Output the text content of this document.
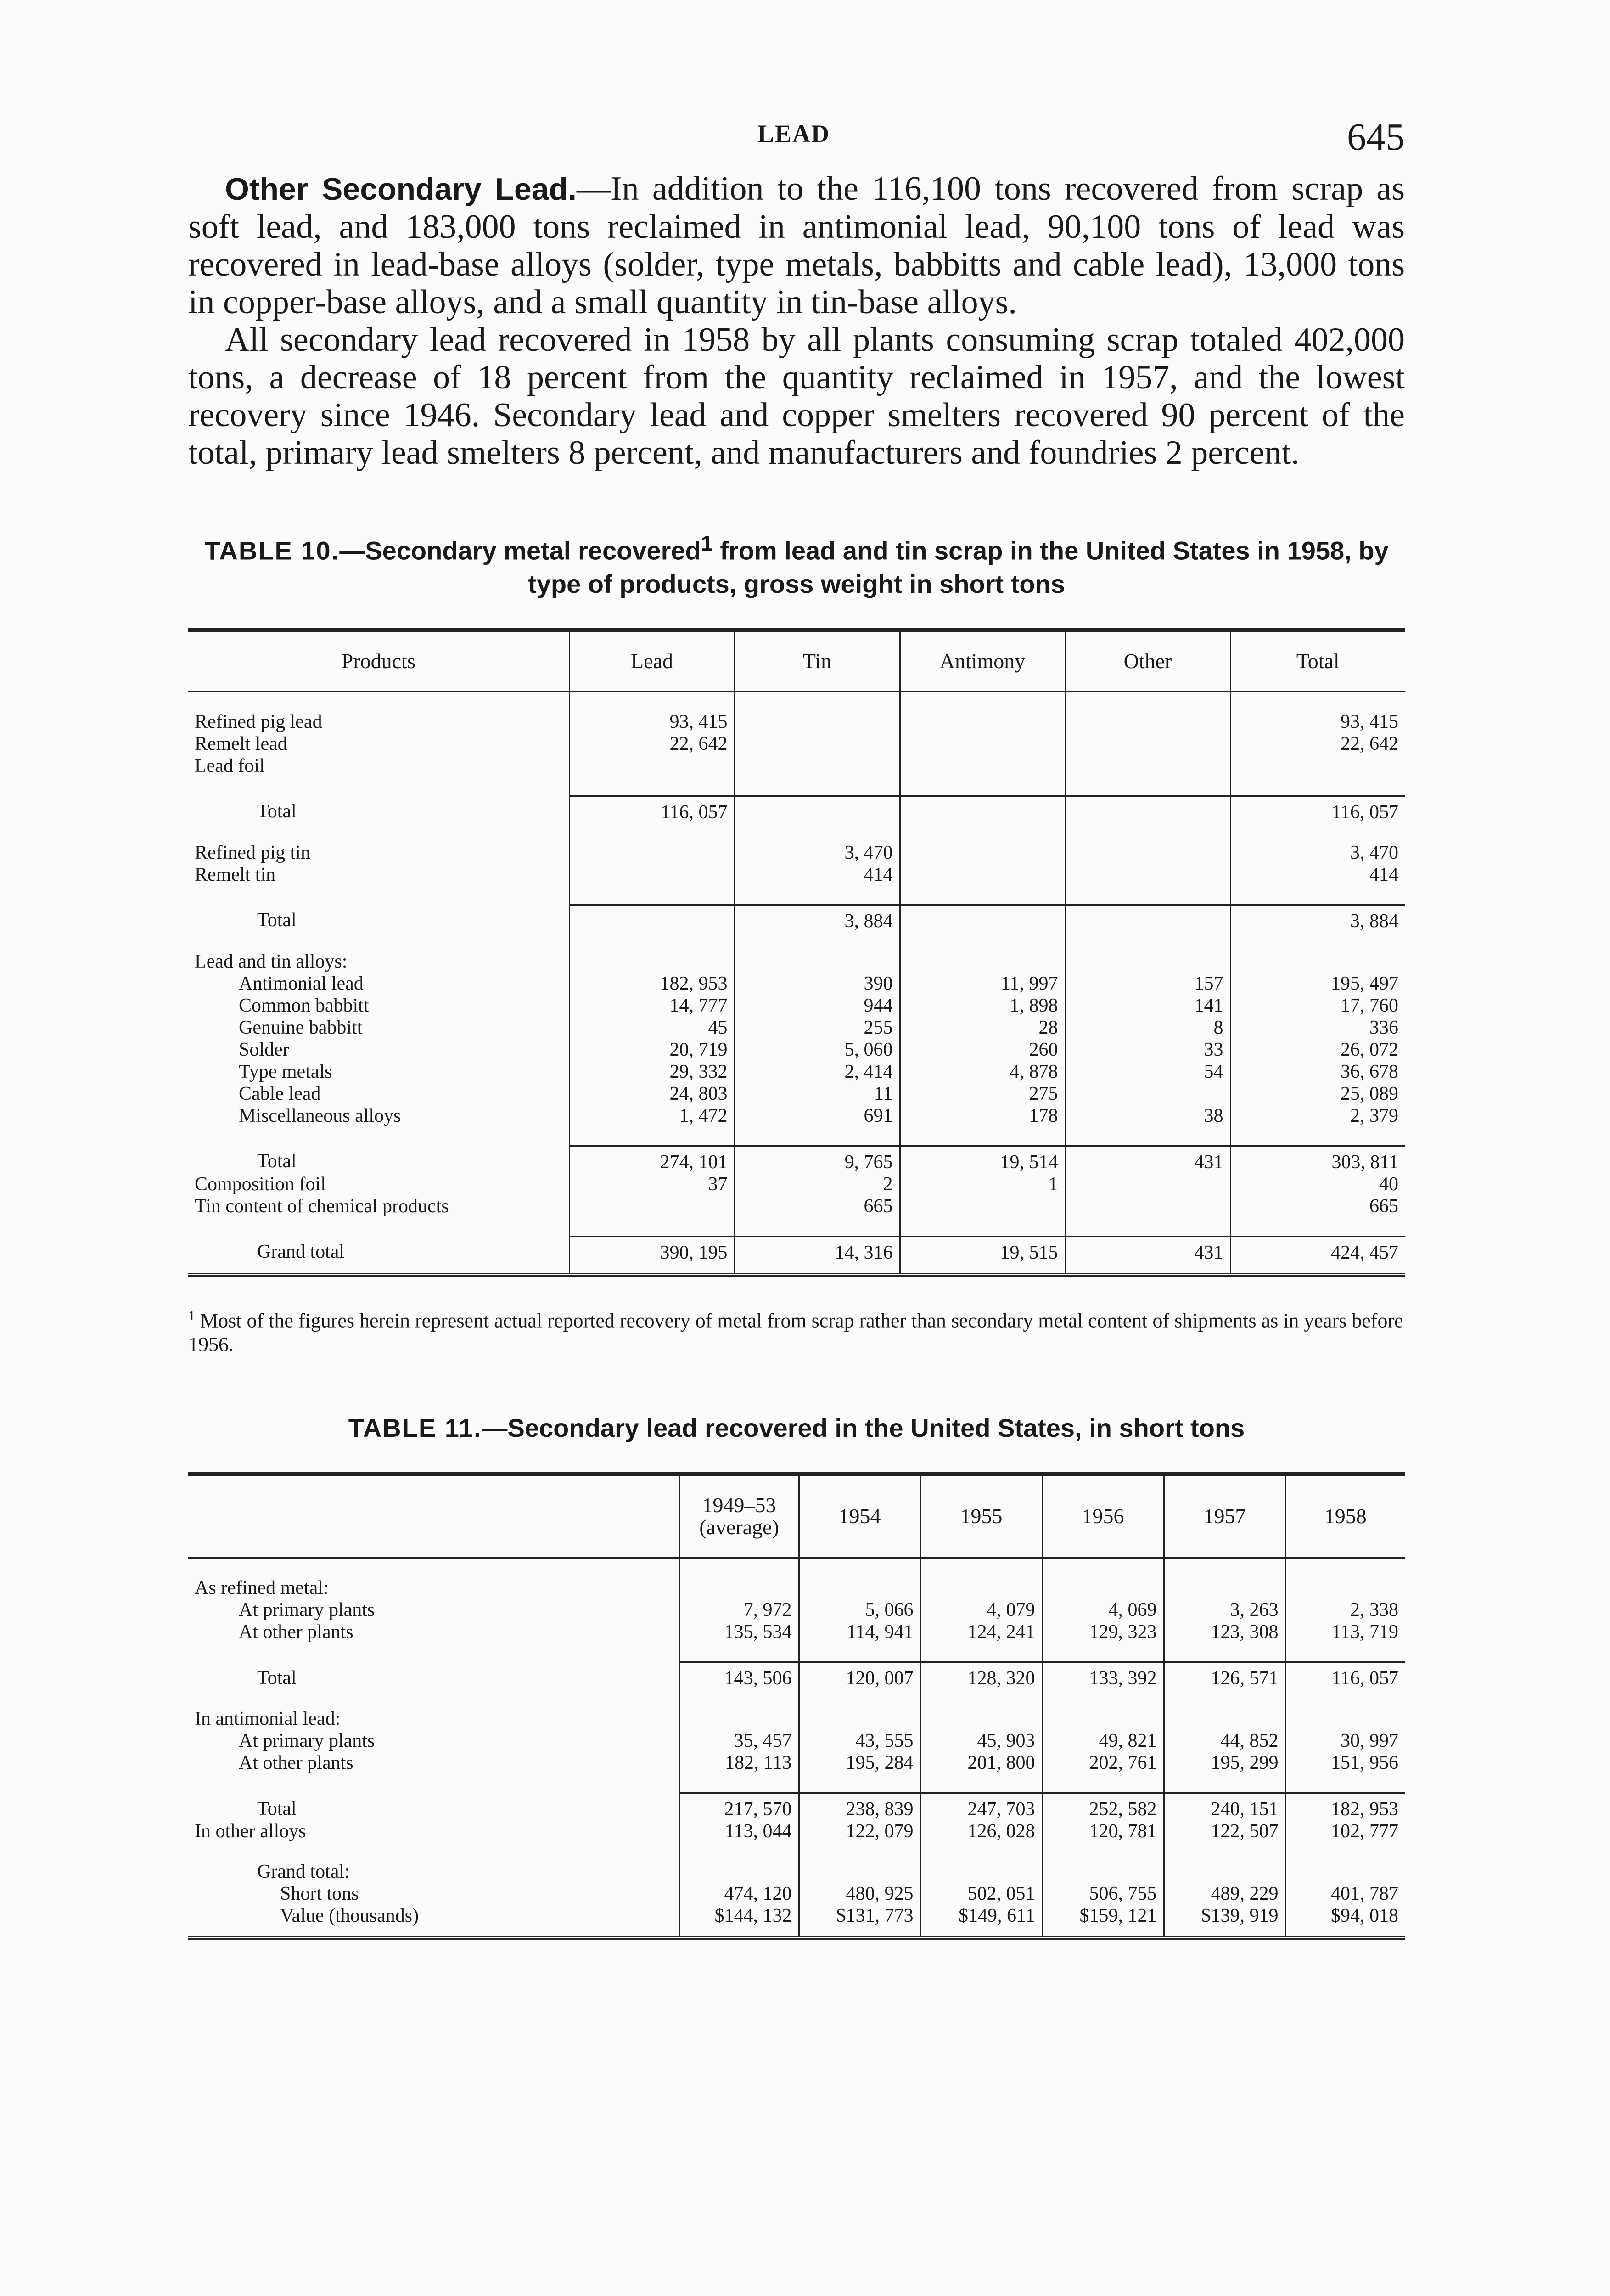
LEAD	645

Other Secondary Lead.—In addition to the 116,100 tons recovered from scrap as soft lead, and 183,000 tons reclaimed in antimonial lead, 90,100 tons of lead was recovered in lead-base alloys (solder, type metals, babbitts and cable lead), 13,000 tons in copper-base alloys, and a small quantity in tin-base alloys.

All secondary lead recovered in 1958 by all plants consuming scrap totaled 402,000 tons, a decrease of 18 percent from the quantity reclaimed in 1957, and the lowest recovery since 1946. Secondary lead and copper smelters recovered 90 percent of the total, primary lead smelters 8 percent, and manufacturers and foundries 2 percent.

TABLE 10.—Secondary metal recovered$^1$ from lead and tin scrap in the United States in 1958, by type of products, gross weight in short tons
Products	Lead	Tin	Antimony	Other	Total

Refined pig lead	93, 415				93, 415
Remelt lead	22, 642				22, 642
Lead foil					

Total	116, 057				116, 057

Refined pig tin		3, 470			3, 470
Remelt tin		414			414

Total		3, 884			3, 884

Lead and tin alloys:					
Antimonial lead	182, 953	390	11, 997	157	195, 497
Common babbitt	14, 777	944	1, 898	141	17, 760
Genuine babbitt	45	255	28	8	336
Solder	20, 719	5, 060	260	33	26, 072
Type metals	29, 332	2, 414	4, 878	54	36, 678
Cable lead	24, 803	11	275		25, 089
Miscellaneous alloys	1, 472	691	178	38	2, 379

Total	274, 101	9, 765	19, 514	431	303, 811
Composition foil	37	2	1		40
Tin content of chemical products		665			665

Grand total	390, 195	14, 316	19, 515	431	424, 457
$^1$ Most of the figures herein represent actual reported recovery of metal from scrap rather than secondary metal content of shipments as in years before 1956.
TABLE 11.—Secondary lead recovered in the United States, in short tons
	1949–53 (average)	1954	1955	1956	1957	1958

As refined metal:						
At primary plants	7, 972	5, 066	4, 079	4, 069	3, 263	2, 338
At other plants	135, 534	114, 941	124, 241	129, 323	123, 308	113, 719

Total	143, 506	120, 007	128, 320	133, 392	126, 571	116, 057

In antimonial lead:						
At primary plants	35, 457	43, 555	45, 903	49, 821	44, 852	30, 997
At other plants	182, 113	195, 284	201, 800	202, 761	195, 299	151, 956

Total	217, 570	238, 839	247, 703	252, 582	240, 151	182, 953
In other alloys	113, 044	122, 079	126, 028	120, 781	122, 507	102, 777

Grand total:						
Short tons	474, 120	480, 925	502, 051	506, 755	489, 229	401, 787
Value (thousands)	$144, 132	$131, 773	$149, 611	$159, 121	$139, 919	$94, 018
